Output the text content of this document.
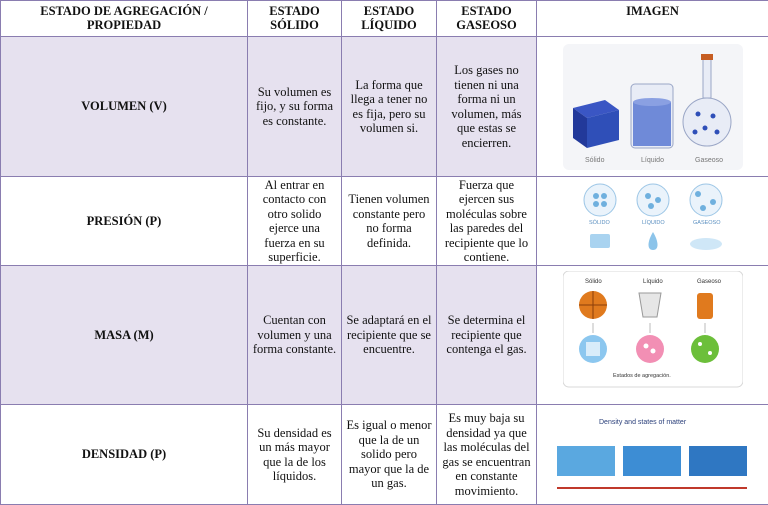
ESTADO DE AGREGACIÓN / PROPIEDAD	ESTADO SÓLIDO	ESTADO LÍQUIDO	ESTADO GASEOSO	IMAGEN
VOLUMEN (V)	Su volumen es fijo, y su forma es constante.	La forma que llega a tener no es fija, pero su volumen si.	Los gases no tienen ni una forma ni un volumen, más que estas se encierren.	Sólido Líquido Gaseoso

PRESIÓN (P)	Al entrar en contacto con otro solido ejerce una fuerza en su superficie.	Tienen volumen constante pero no forma definida.	Fuerza que ejercen sus moléculas sobre las paredes del recipiente que lo contiene.	SÓLIDO LÍQUIDO GASEOSO

MASA (M)	Cuentan con volumen y una forma constante.	Se adaptará en el recipiente que se encuentre.	Se determina el recipiente que contenga el gas.	Sólido Líquido Gaseoso
Estados de agregación.

DENSIDAD (P)	Su densidad es un más mayor que la de los líquidos.	Es igual o menor que la de un solido pero mayor que la de un gas.	Es muy baja su densidad ya que las moléculas del gas se encuentran en constante movimiento.	Density and states of matter
